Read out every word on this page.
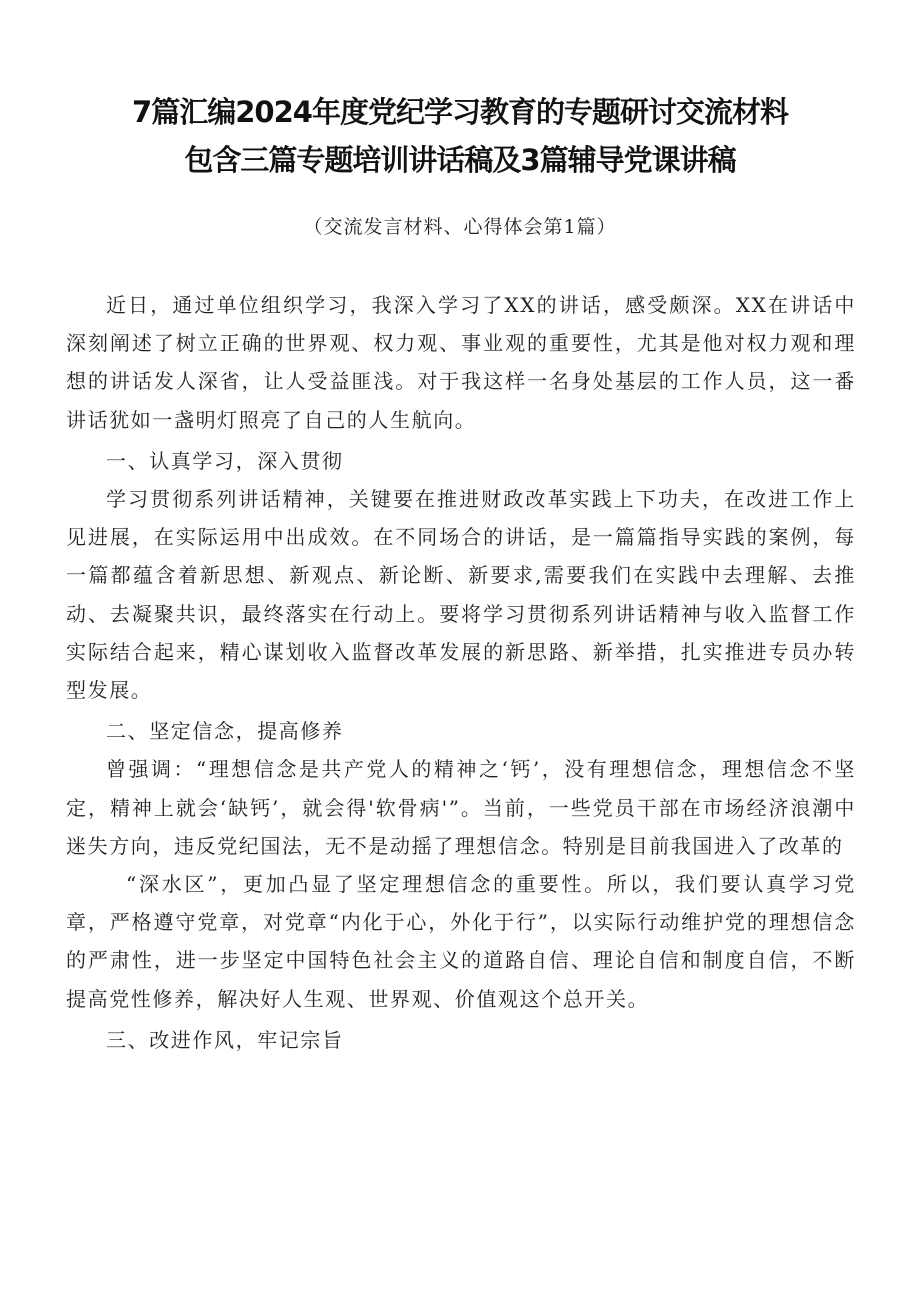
7篇汇编2024年度党纪学习教育的专题研讨交流材料
包含三篇专题培训讲话稿及3篇辅导党课讲稿
（交流发言材料、心得体会第1篇）

近日，通过单位组织学习，我深入学习了XX的讲话，感受颇深。XX在讲话中深刻阐述了树立正确的世界观、权力观、事业观的重要性，尤其是他对权力观和理想的讲话发人深省，让人受益匪浅。对于我这样一名身处基层的工作人员，这一番讲话犹如一盏明灯照亮了自己的人生航向。

一、认真学习，深入贯彻

学习贯彻系列讲话精神，关键要在推进财政改革实践上下功夫，在改进工作上见进展，在实际运用中出成效。在不同场合的讲话，是一篇篇指导实践的案例，每一篇都蕴含着新思想、新观点、新论断、新要求,需要我们在实践中去理解、去推动、去凝聚共识，最终落实在行动上。要将学习贯彻系列讲话精神与收入监督工作实际结合起来，精心谋划收入监督改革发展的新思路、新举措，扎实推进专员办转型发展。

二、坚定信念，提高修养

曾强调：“理想信念是共产党人的精神之‘钙’，没有理想信念，理想信念不坚定，精神上就会‘缺钙’，就会得'软骨病'”。当前，一些党员干部在市场经济浪潮中迷失方向，违反党纪国法，无不是动摇了理想信念。特别是目前我国进入了改革的

“深水区”，更加凸显了坚定理想信念的重要性。所以，我们要认真学习党章，严格遵守党章，对党章“内化于心，外化于行”，以实际行动维护党的理想信念的严肃性，进一步坚定中国特色社会主义的道路自信、理论自信和制度自信，不断提高党性修养，解决好人生观、世界观、价值观这个总开关。

三、改进作风，牢记宗旨
